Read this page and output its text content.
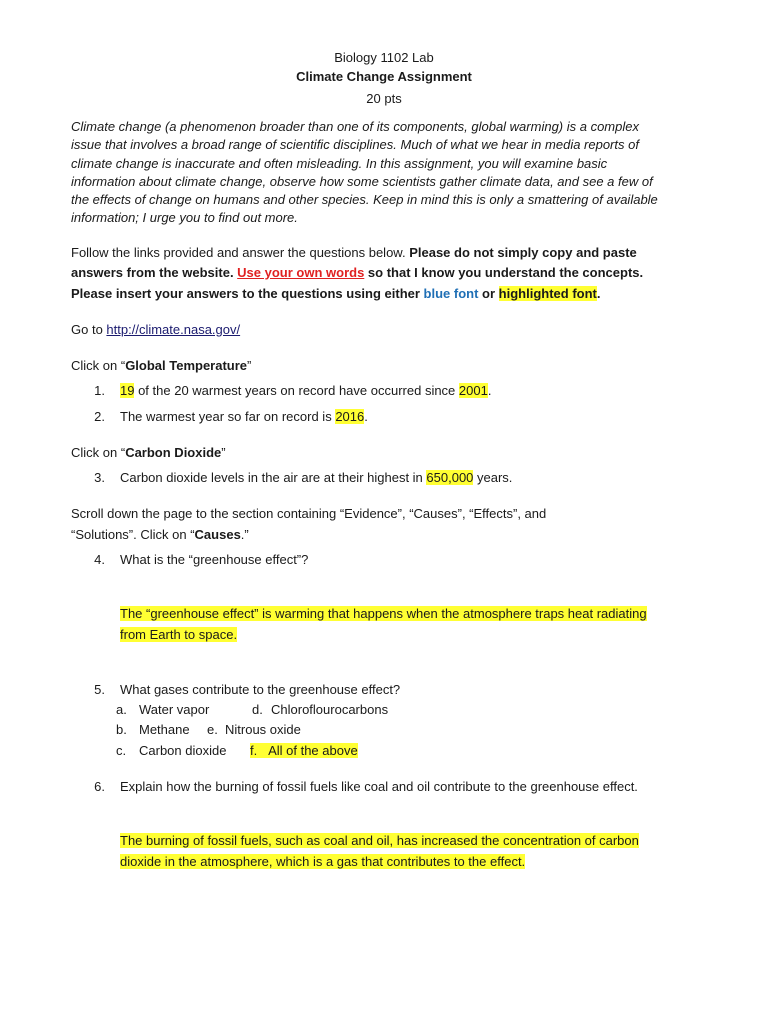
Biology 1102 Lab
Climate Change Assignment
20 pts
Climate change (a phenomenon broader than one of its components, global warming) is a complex
issue that involves a broad range of scientific disciplines. Much of what we hear in media reports of
climate change is inaccurate and often misleading. In this assignment, you will examine basic
information about climate change, observe how some scientists gather climate data, and see a few of
the effects of change on humans and other species. Keep in mind this is only a smattering of available
information; I urge you to find out more.
Follow the links provided and answer the questions below. Please do not simply copy and paste
answers from the website. Use your own words so that I know you understand the concepts.
Please insert your answers to the questions using either blue font or highlighted font.
Go to http://climate.nasa.gov/
Click on “Global Temperature”
1. 19 of the 20 warmest years on record have occurred since 2001.
2. The warmest year so far on record is 2016.
Click on “Carbon Dioxide”
3. Carbon dioxide levels in the air are at their highest in 650,000 years.
Scroll down the page to the section containing “Evidence”, “Causes”, “Effects”, and
“Solutions”. Click on “Causes.”
4. What is the “greenhouse effect”?
The “greenhouse effect” is warming that happens when the atmosphere traps heat radiating
from Earth to space.
5. What gases contribute to the greenhouse effect?
a. Water vapor	d. Chloroflourocarbons
b. Methane e. Nitrous oxide
c. Carbon dioxide f. All of the above
6. Explain how the burning of fossil fuels like coal and oil contribute to the greenhouse effect.
The burning of fossil fuels, such as coal and oil, has increased the concentration of carbon
dioxide in the atmosphere, which is a gas that contributes to the effect.
